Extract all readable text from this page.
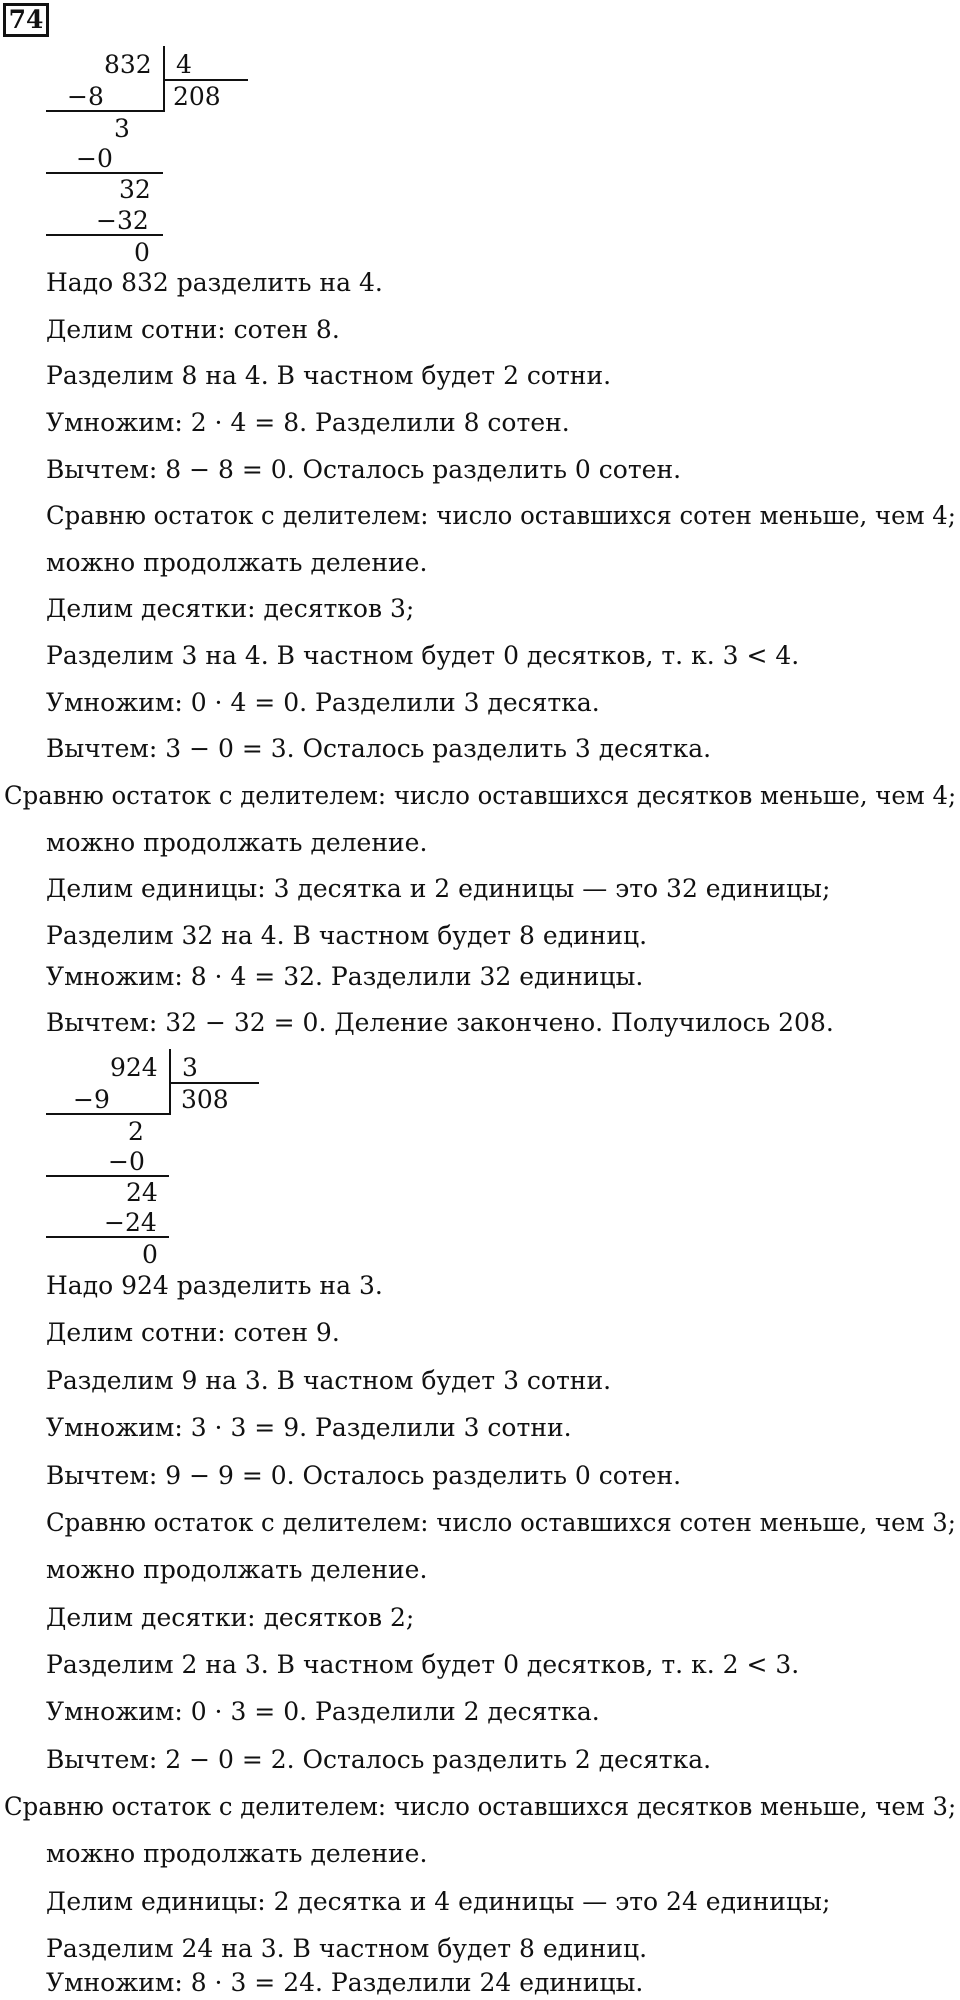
74
832 4
−8	208
3
−0
32
−32
0
Надо 832 разделить на 4.
Делим сотни: сотен 8.
Разделим 8 на 4. В частном будет 2 сотни.
Умножим: 2 · 4 = 8. Разделили 8 сотен.
Вычтем: 8 − 8 = 0. Осталось разделить 0 сотен.
Сравню остаток с делителем: число оставшихся сотен меньше, чем 4;
можно продолжать деление.
Делим десятки: десятков 3;
Разделим 3 на 4. В частном будет 0 десятков, т. к. 3 < 4.
Умножим: 0 · 4 = 0. Разделили 3 десятка.
Вычтем: 3 − 0 = 3. Осталось разделить 3 десятка.
Сравню остаток с делителем: число оставшихся десятков меньше, чем 4;
можно продолжать деление.
Делим единицы: 3 десятка и 2 единицы — это 32 единицы;
Разделим 32 на 4. В частном будет 8 единиц.
Умножим: 8 · 4 = 32. Разделили 32 единицы.
Вычтем: 32 − 32 = 0. Деление закончено. Получилось 208.
924 3
−9	308
2
−0
24
−24
0
Надо 924 разделить на 3.
Делим сотни: сотен 9.
Разделим 9 на 3. В частном будет 3 сотни.
Умножим: 3 · 3 = 9. Разделили 3 сотни.
Вычтем: 9 − 9 = 0. Осталось разделить 0 сотен.
Сравню остаток с делителем: число оставшихся сотен меньше, чем 3;
можно продолжать деление.
Делим десятки: десятков 2;
Разделим 2 на 3. В частном будет 0 десятков, т. к. 2 < 3.
Умножим: 0 · 3 = 0. Разделили 2 десятка.
Вычтем: 2 − 0 = 2. Осталось разделить 2 десятка.
Сравню остаток с делителем: число оставшихся десятков меньше, чем 3;
можно продолжать деление.
Делим единицы: 2 десятка и 4 единицы — это 24 единицы;
Разделим 24 на 3. В частном будет 8 единиц.
Умножим: 8 · 3 = 24. Разделили 24 единицы.
